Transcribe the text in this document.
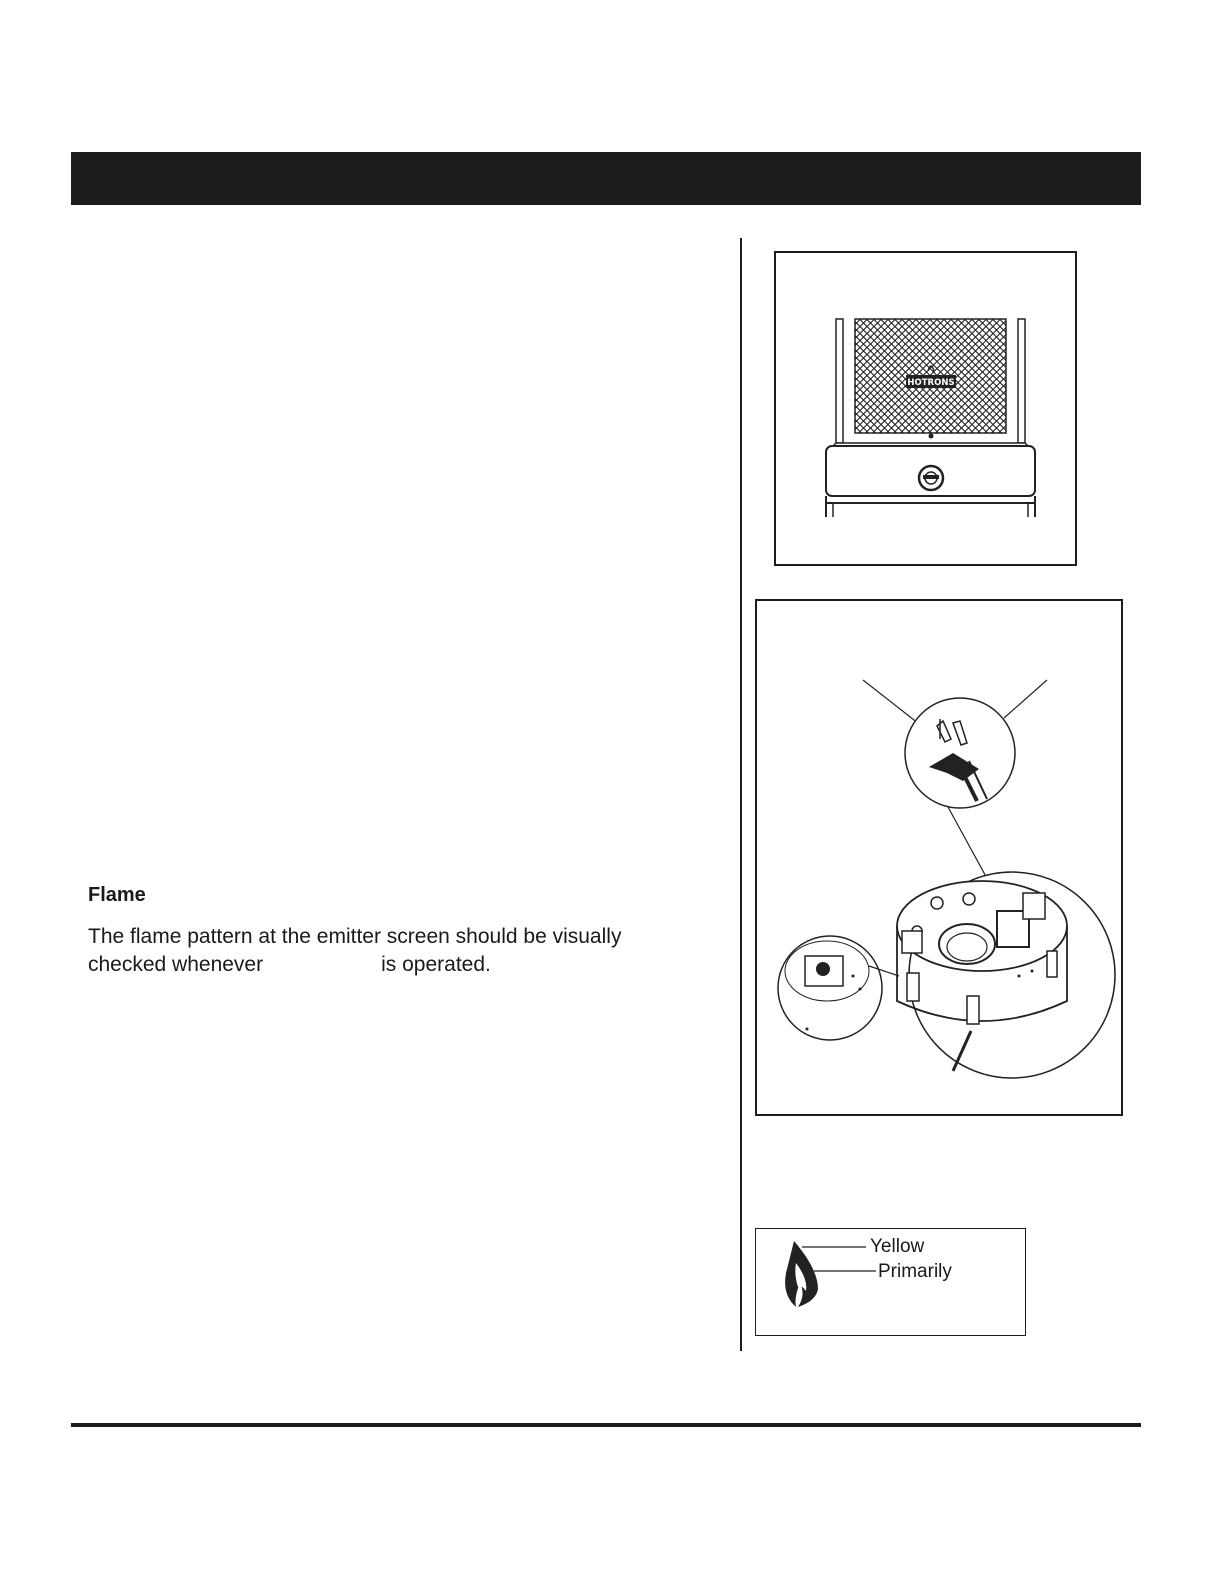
Flame

The flame pattern at the emitter screen should be visually

checked whenever	is operated.

HOTRONS
Yellow
Primarily
